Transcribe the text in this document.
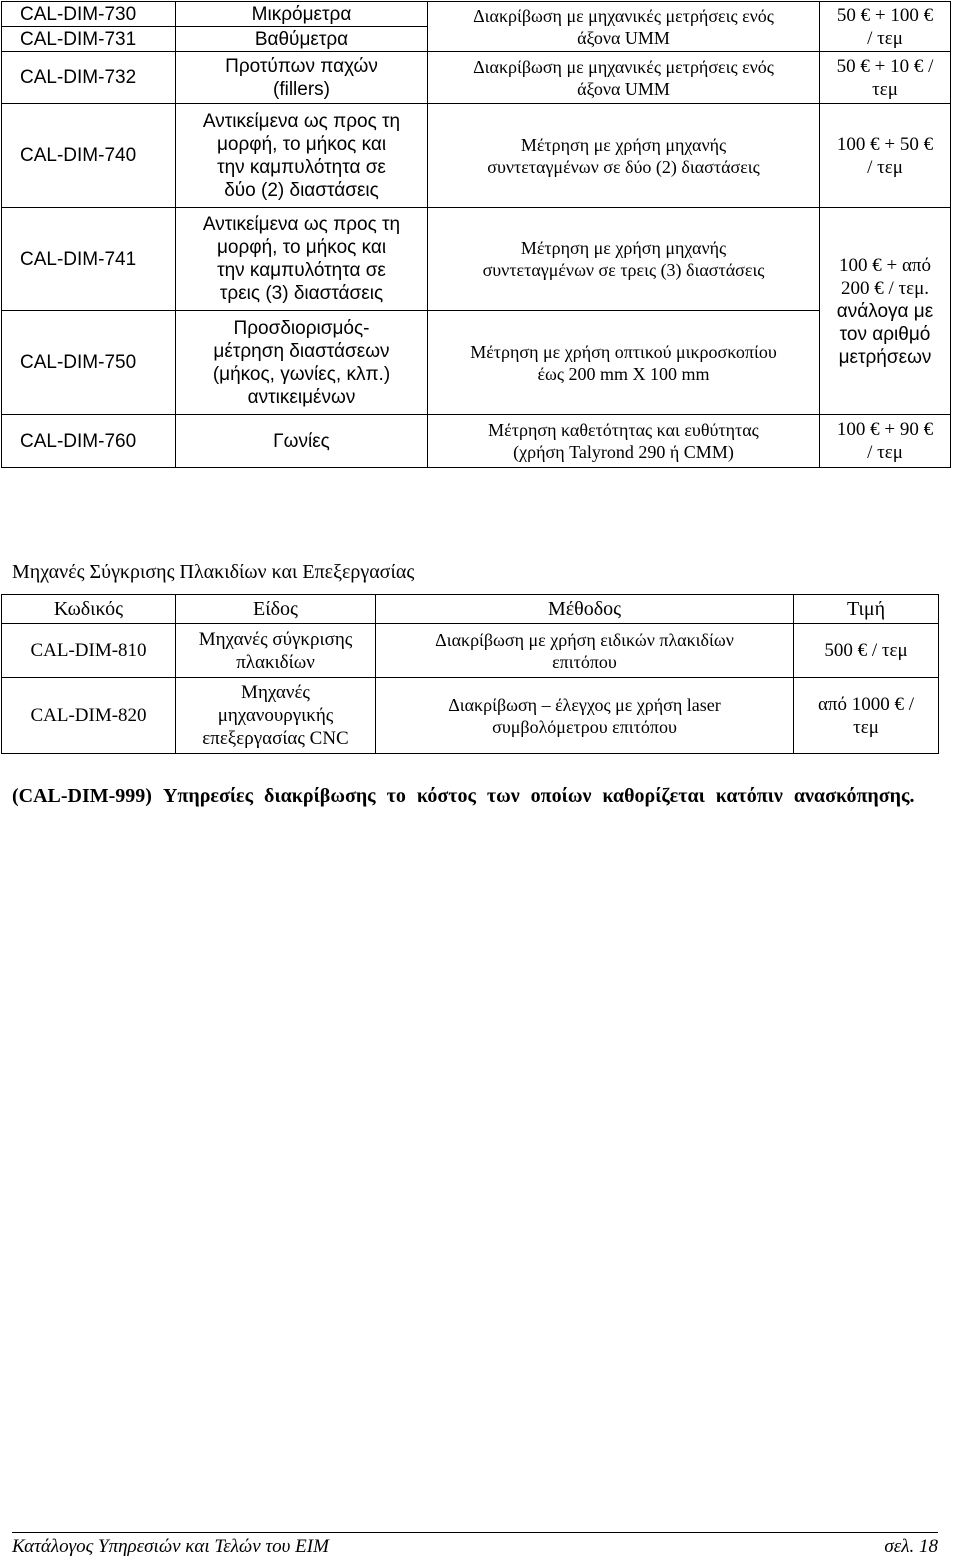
CAL-DIM-730	Μικρόμετρα	Διακρίβωση με μηχανικές μετρήσεις ενός
άξονα UMM	50 € + 100 €
/ τεμ

CAL-DIM-731	Βαθύμετρα		
CAL-DIM-732	Προτύπων παχών
(fillers)	Διακρίβωση με μηχανικές μετρήσεις ενός
άξονα UMM	50 € + 10 € /
τεμ

CAL-DIM-740	Αντικείμενα ως προς τη
μορφή, το μήκος και
την καμπυλότητα σε
δύο (2) διαστάσεις	Μέτρηση με χρήση μηχανής
συντεταγμένων σε δύο (2) διαστάσεις	100 € + 50 €
/ τεμ

CAL-DIM-741	Αντικείμενα ως προς τη
μορφή, το μήκος και
την καμπυλότητα σε
τρεις (3) διαστάσεις	Μέτρηση με χρήση μηχανής
συντεταγμένων σε τρεις (3) διαστάσεις	100 € + από
200 € / τεμ.
ανάλογα με
τον αριθμό
μετρήσεων

CAL-DIM-750	Προσδιορισμός-
μέτρηση διαστάσεων
(μήκος, γωνίες, κλπ.)
αντικειμένων	Μέτρηση με χρήση οπτικού μικροσκοπίου
έως 200 mm X 100 mm	

CAL-DIM-760	Γωνίες	Μέτρηση καθετότητας και ευθύτητας
(χρήση Talyrond 290 ή CMM)	100 € + 90 €
/ τεμ
Μηχανές Σύγκρισης Πλακιδίων και Επεξεργασίας
Κωδικός	Είδος	Μέθοδος	Τιμή
CAL-DIM-810	Μηχανές σύγκρισης
πλακιδίων	Διακρίβωση με χρήση ειδικών πλακιδίων
επιτόπου	500 € / τεμ
CAL-DIM-820	Μηχανές
μηχανουργικής
επεξεργασίας CNC	Διακρίβωση – έλεγχος με χρήση laser
συμβολόμετρου επιτόπου	από 1000 € /
τεμ
(CAL-DIM-999) Υπηρεσίες διακρίβωσης το κόστος των οποίων καθορίζεται κατόπιν ανασκόπησης.
Κατάλογος Υπηρεσιών και Τελών του ΕΙΜ	σελ. 18
